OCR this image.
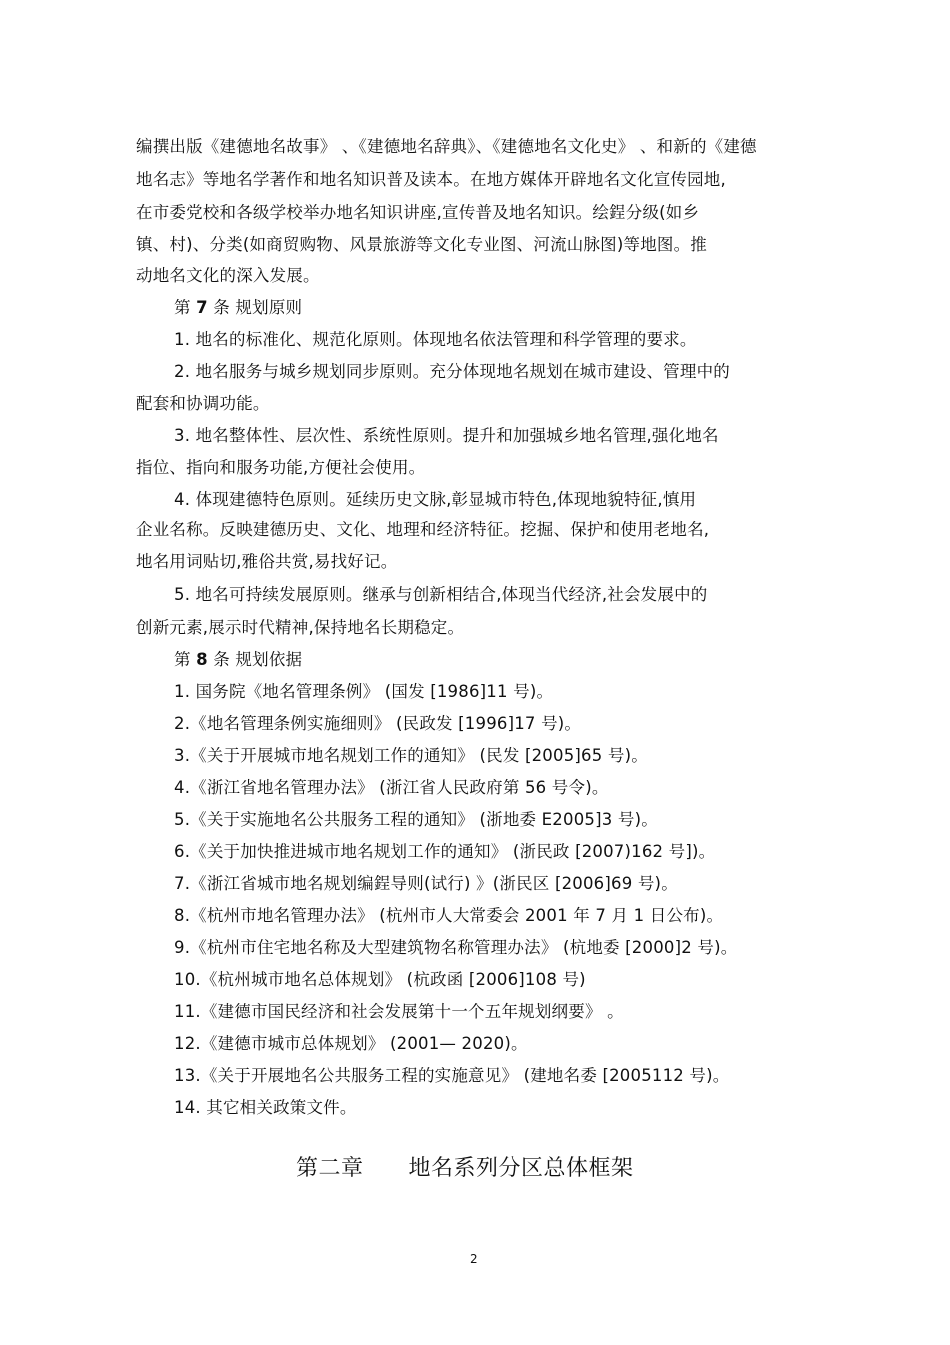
编撰出版《建德地名故事》 、《建德地名辞典》、《建德地名文化史》 、和新的《建德
地名志》等地名学著作和地名知识普及读本。在地方媒体开辟地名文化宣传园地,
在市委党校和各级学校举办地名知识讲座,宣传普及地名知识。绘鋥分级(如乡
镇、村)、分类(如商贸购物、风景旅游等文化专业图、河流山脉图)等地图。推
动地名文化的深入发展。
第 7 条 规划原则
1. 地名的标准化、规范化原则。体现地名依法管理和科学管理的要求。
2. 地名服务与城乡规划同步原则。充分体现地名规划在城市建设、管理中的
配套和协调功能。
3. 地名整体性、层次性、系统性原则。提升和加强城乡地名管理,强化地名
指位、指向和服务功能,方便社会使用。
4. 体现建德特色原则。延续历史文脉,彰显城市特色,体现地貌特征,慎用
企业名称。反映建德历史、文化、地理和经济特征。挖掘、保护和使用老地名,
地名用词贴切,雅俗共赏,易找好记。
5. 地名可持续发展原则。继承与创新相结合,体现当代经济,社会发展中的
创新元素,展示时代精神,保持地名长期稳定。
第 8 条 规划依据
1. 国务院《地名管理条例》 (国发 [1986]11 号)。
2.《地名管理条例实施细则》 (民政发 [1996]17 号)。
3.《关于开展城市地名规划工作的通知》 (民发 [2005]65 号)。
4.《浙江省地名管理办法》 (浙江省人民政府第 56 号令)。
5.《关于实施地名公共服务工程的通知》 (浙地委 E2005]3 号)。
6.《关于加快推进城市地名规划工作的通知》 (浙民政 [2007)162 号])。
7.《浙江省城市地名规划编鋥导则(试行) 》(浙民区 [2006]69 号)。
8.《杭州市地名管理办法》 (杭州市人大常委会 2001 年 7 月 1 日公布)。
9.《杭州市住宅地名称及大型建筑物名称管理办法》 (杭地委 [2000]2 号)。
10.《杭州城市地名总体规划》 (杭政函 [2006]108 号)
11.《建德市国民经济和社会发展第十一个五年规划纲要》 。
12.《建德市城市总体规划》 (2001— 2020)。
13.《关于开展地名公共服务工程的实施意见》 (建地名委 [2005112 号)。
14. 其它相关政策文件。
第二章      地名系列分区总体框架
2
